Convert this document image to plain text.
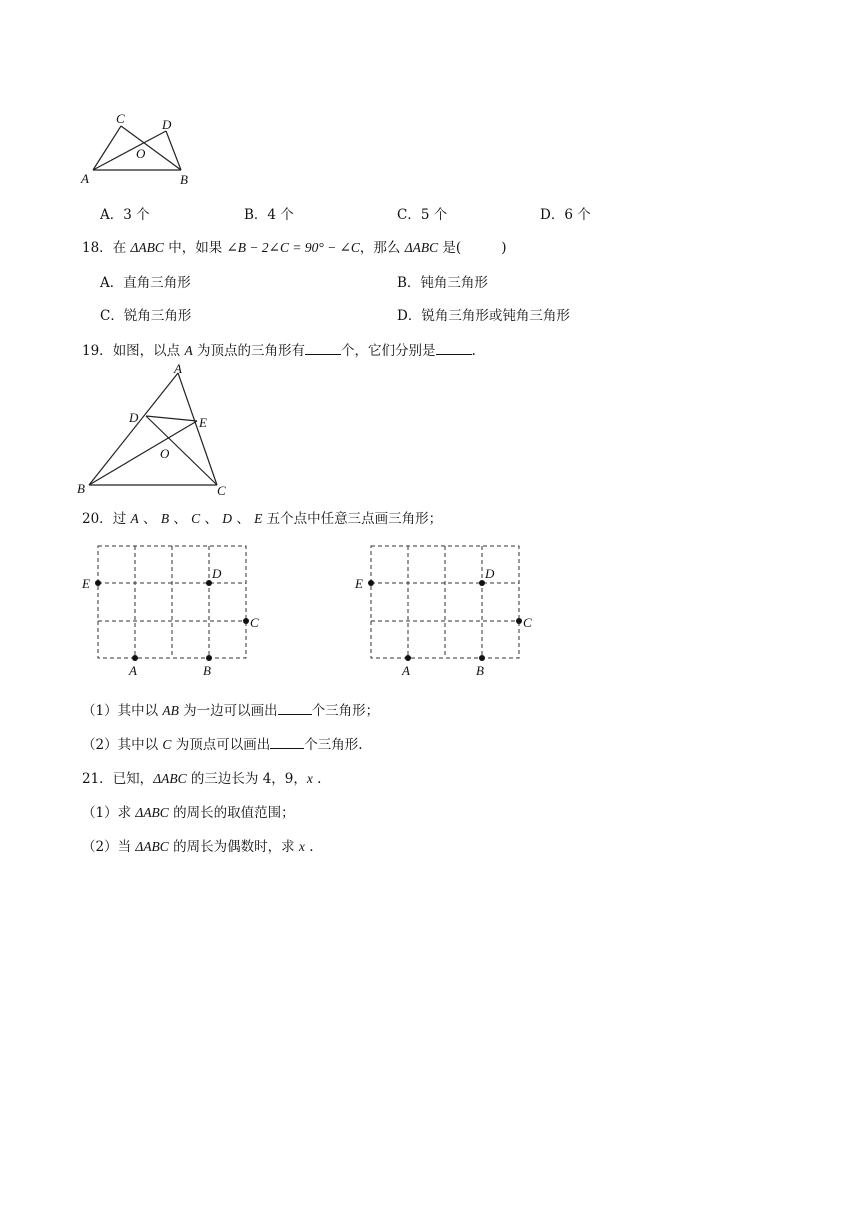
C	D
O
A	B
A．3 个	B．4 个	C．5 个	D．6 个
18．在 ΔABC 中，如果 ∠B − 2∠C = 90° − ∠C，那么 ΔABC 是(	)
A．直角三角形	B．钝角三角形
C．锐角三角形	D．锐角三角形或钝角三角形
19．如图，以点 A 为顶点的三角形有	个，它们分别是	.
A
D	E
O
B	C
20．过 A 、 B 、 C 、 D 、 E 五个点中任意三点画三角形；
E
D
C
A	B
E
D
C
A	B
（1）其中以 AB 为一边可以画出	个三角形；
（2）其中以 C 为顶点可以画出	个三角形.
21．已知，ΔABC 的三边长为 4，9，x .
（1）求 ΔABC 的周长的取值范围；
（2）当 ΔABC 的周长为偶数时，求 x .
